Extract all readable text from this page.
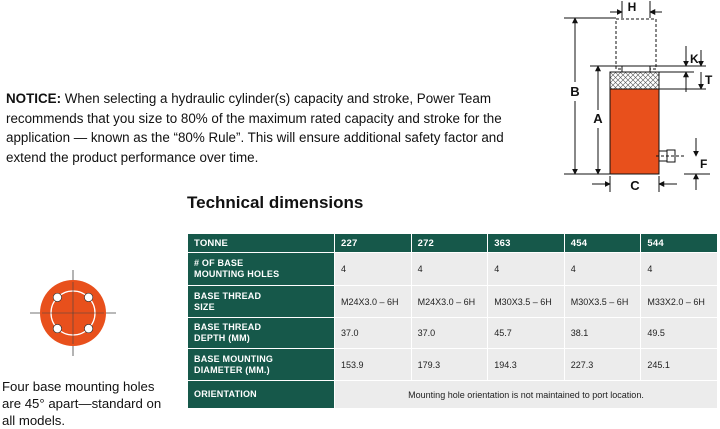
NOTICE: When selecting a hydraulic cylinder(s) capacity and stroke, Power Team recommends that you size to 80% of the maximum rated capacity and stroke for the application — known as the “80% Rule”. This will ensure additional safety factor and extend the product performance over time.
H
K
T
B
A
F
C
Technical dimensions
Four base mounting holes are 45° apart—standard on all models.
TONNE	227	272	363	454	544
# OF BASE
MOUNTING HOLES	4	4	4	4	4
BASE THREAD
SIZE	M24X3.0 – 6H	M24X3.0 – 6H	M30X3.5 – 6H	M30X3.5 – 6H	M33X2.0 – 6H
BASE THREAD
DEPTH (MM)	37.0	37.0	45.7	38.1	49.5
BASE MOUNTING
DIAMETER (MM.)	153.9	179.3	194.3	227.3	245.1
ORIENTATION	Mounting hole orientation is not maintained to port location.				
